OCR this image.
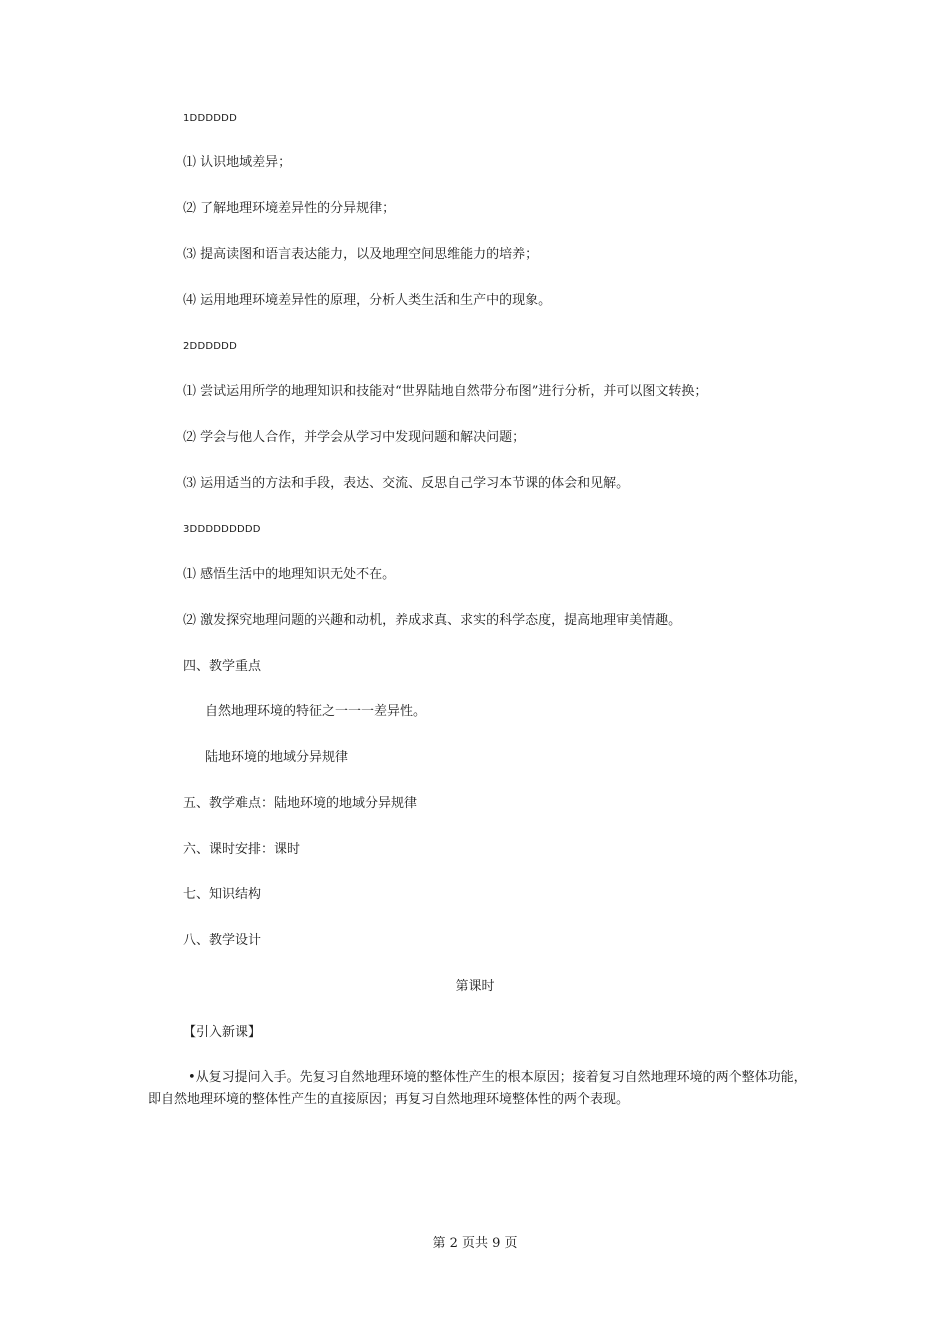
1DDDDDD
⑴ 认识地域差异；
⑵ 了解地理环境差异性的分异规律；
⑶ 提高读图和语言表达能力，以及地理空间思维能力的培养；
⑷ 运用地理环境差异性的原理，分析人类生活和生产中的现象。
2DDDDDD
⑴ 尝试运用所学的地理知识和技能对“世界陆地自然带分布图”进行分析，并可以图文转换；
⑵ 学会与他人合作，并学会从学习中发现问题和解决问题；
⑶ 运用适当的方法和手段，表达、交流、反思自己学习本节课的体会和见解。
3DDDDDDDDD
⑴ 感悟生活中的地理知识无处不在。
⑵ 激发探究地理问题的兴趣和动机，养成求真、求实的科学态度，提高地理审美情趣。
四、教学重点
自然地理环境的特征之一一一差异性。
陆地环境的地域分异规律
五、教学难点：陆地环境的地域分异规律
六、课时安排：课时
七、知识结构
八、教学设计
第课时
【引入新课】
•从复习提问入手。先复习自然地理环境的整体性产生的根本原因；接着复习自然地理环境的两个整体功能，即自然地理环境的整体性产生的直接原因；再复习自然地理环境整体性的两个表现。
第 2 页共 9 页
